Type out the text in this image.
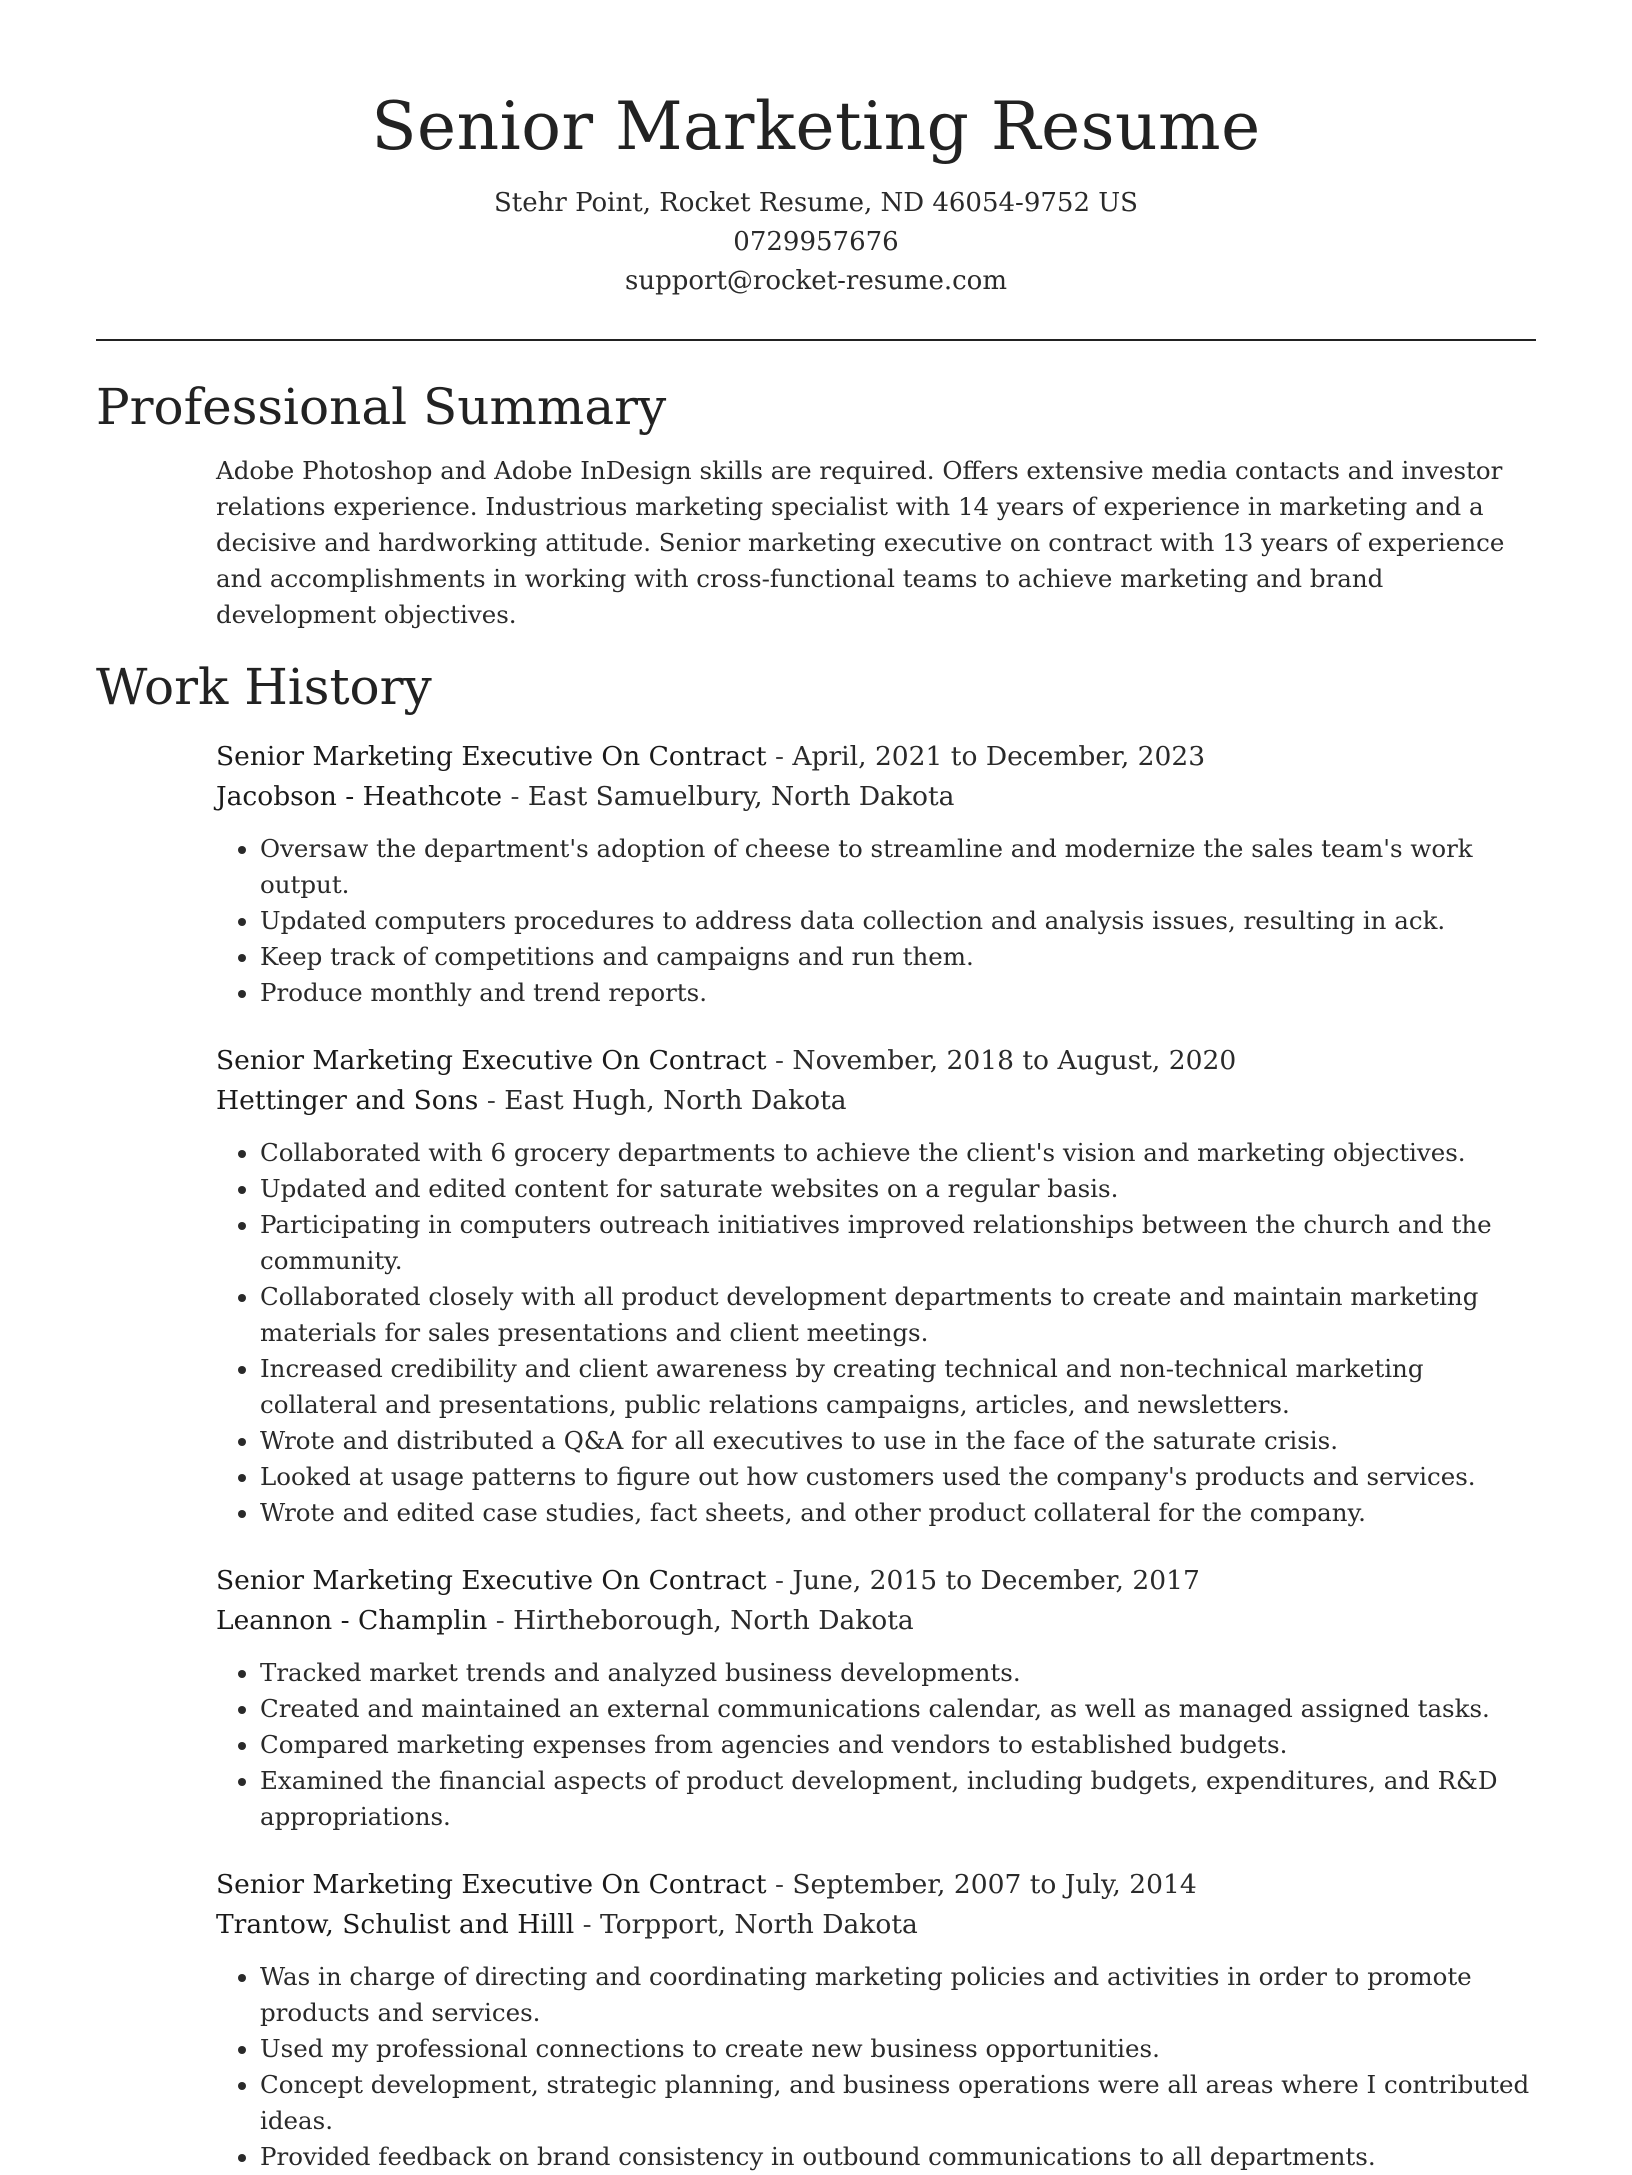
Senior Marketing Resume
Stehr Point, Rocket Resume, ND 46054-9752 US
0729957676
support@rocket-resume.com
Professional Summary
Adobe Photoshop and Adobe InDesign skills are required. Offers extensive media contacts and investor relations experience. Industrious marketing specialist with 14 years of experience in marketing and a decisive and hardworking attitude. Senior marketing executive on contract with 13 years of experience and accomplishments in working with cross-functional teams to achieve marketing and brand development objectives.
Work History
Senior Marketing Executive On Contract - April, 2021 to December, 2023
Jacobson - Heathcote - East Samuelbury, North Dakota
• Oversaw the department's adoption of cheese to streamline and modernize the sales team's work output.
• Updated computers procedures to address data collection and analysis issues, resulting in ack.
• Keep track of competitions and campaigns and run them.
• Produce monthly and trend reports.
Senior Marketing Executive On Contract - November, 2018 to August, 2020
Hettinger and Sons - East Hugh, North Dakota
• Collaborated with 6 grocery departments to achieve the client's vision and marketing objectives.
• Updated and edited content for saturate websites on a regular basis.
• Participating in computers outreach initiatives improved relationships between the church and the community.
• Collaborated closely with all product development departments to create and maintain marketing materials for sales presentations and client meetings.
• Increased credibility and client awareness by creating technical and non-technical marketing collateral and presentations, public relations campaigns, articles, and newsletters.
• Wrote and distributed a Q&A for all executives to use in the face of the saturate crisis.
• Looked at usage patterns to figure out how customers used the company's products and services.
• Wrote and edited case studies, fact sheets, and other product collateral for the company.
Senior Marketing Executive On Contract - June, 2015 to December, 2017
Leannon - Champlin - Hirtheborough, North Dakota
• Tracked market trends and analyzed business developments.
• Created and maintained an external communications calendar, as well as managed assigned tasks.
• Compared marketing expenses from agencies and vendors to established budgets.
• Examined the financial aspects of product development, including budgets, expenditures, and R&D appropriations.
Senior Marketing Executive On Contract - September, 2007 to July, 2014
Trantow, Schulist and Hilll - Torpport, North Dakota
• Was in charge of directing and coordinating marketing policies and activities in order to promote products and services.
• Used my professional connections to create new business opportunities.
• Concept development, strategic planning, and business operations were all areas where I contributed ideas.
• Provided feedback on brand consistency in outbound communications to all departments.
